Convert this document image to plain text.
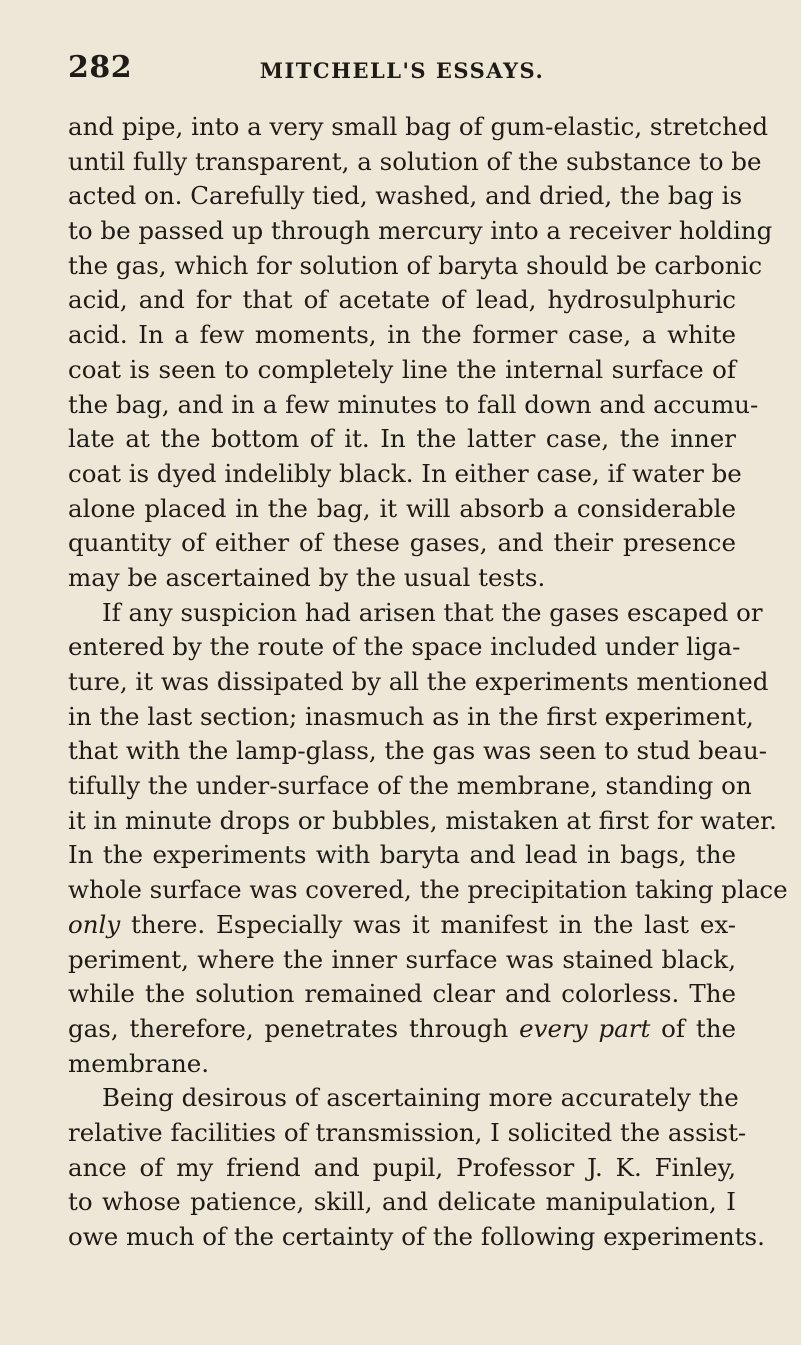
282	MITCHELL'S ESSAYS.
and pipe, into a very small bag of gum-elastic, stretched
until fully transparent, a solution of the substance to be
acted on. Carefully tied, washed, and dried, the bag is
to be passed up through mercury into a receiver holding
the gas, which for solution of baryta should be carbonic
acid, and for that of acetate of lead, hydrosulphuric
acid. In a few moments, in the former case, a white
coat is seen to completely line the internal surface of
the bag, and in a few minutes to fall down and accumu-
late at the bottom of it. In the latter case, the inner
coat is dyed indelibly black. In either case, if water be
alone placed in the bag, it will absorb a considerable
quantity of either of these gases, and their presence
may be ascertained by the usual tests.
If any suspicion had arisen that the gases escaped or
entered by the route of the space included under liga-
ture, it was dissipated by all the experiments mentioned
in the last section; inasmuch as in the first experiment,
that with the lamp-glass, the gas was seen to stud beau-
tifully the under-surface of the membrane, standing on
it in minute drops or bubbles, mistaken at first for water.
In the experiments with baryta and lead in bags, the
whole surface was covered, the precipitation taking place
only there. Especially was it manifest in the last ex-
periment, where the inner surface was stained black,
while the solution remained clear and colorless. The
gas, therefore, penetrates through every part of the
membrane.
Being desirous of ascertaining more accurately the
relative facilities of transmission, I solicited the assist-
ance of my friend and pupil, Professor J. K. Finley,
to whose patience, skill, and delicate manipulation, I
owe much of the certainty of the following experiments.
